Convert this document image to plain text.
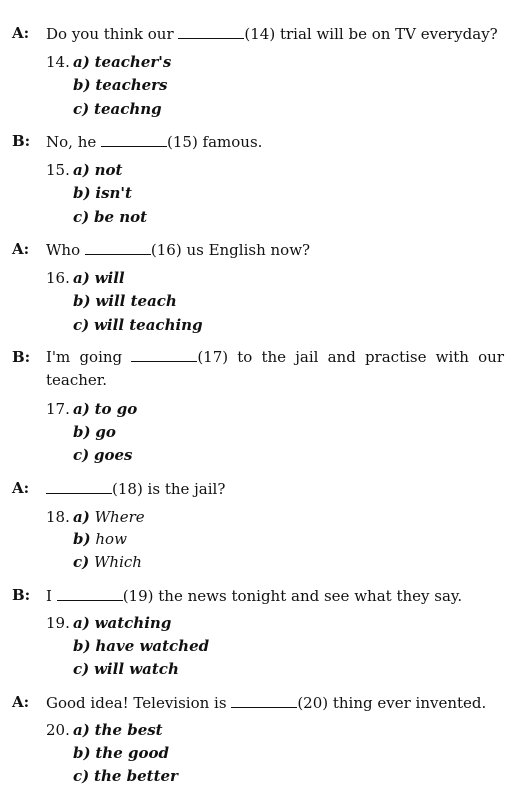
A: Do you think our	(14) trial will be on TV everyday?
14. a) teacher's
b) teachers
c) teachng
B: No, he	(15) famous.
15. a) not
b) isn't
c) be not
A: Who	(16) us English now?
16. a) will
b) will teach
c) will teaching
B: I'm going	(17) to the jail and practise with our teacher.
17. a) to go
b) go
c) goes
A:	(18) is the jail?
18. a) Where
b) how
c) Which
B: I	(19) the news tonight and see what they say.
19. a) watching
b) have watched
c) will watch
A: Good idea! Television is	(20) thing ever invented.
20. a) the best
b) the good
c) the better
